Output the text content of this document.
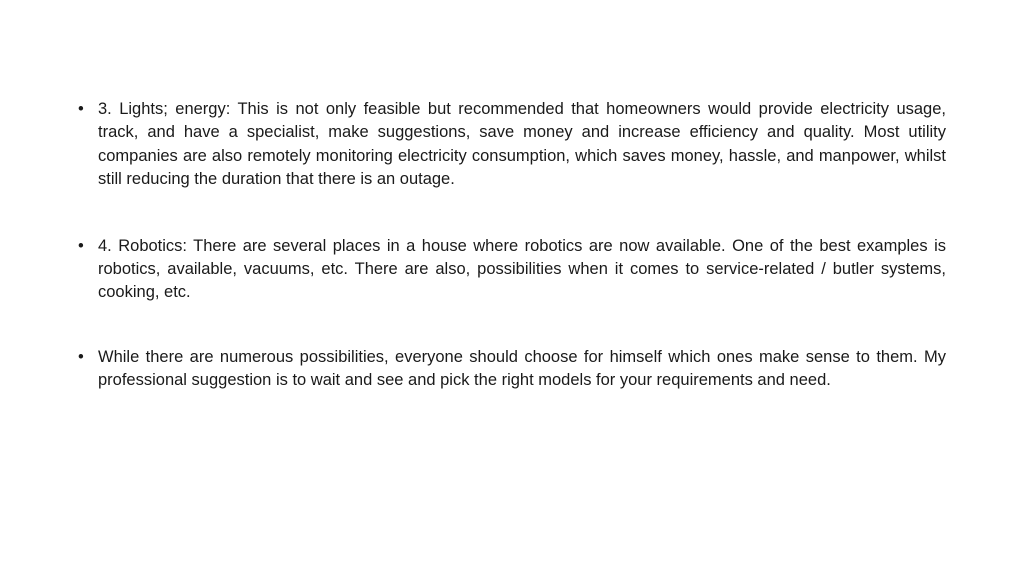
• 3. Lights; energy: This is not only feasible but recommended that homeowners would provide electricity usage, track, and have a specialist, make suggestions, save money and increase efficiency and quality. Most utility companies are also remotely monitoring electricity consumption, which saves money, hassle, and manpower, whilst still reducing the duration that there is an outage.
• 4. Robotics: There are several places in a house where robotics are now available. One of the best examples is robotics, available, vacuums, etc. There are also, possibilities when it comes to service-related / butler systems, cooking, etc.
• While there are numerous possibilities, everyone should choose for himself which ones make sense to them. My professional suggestion is to wait and see and pick the right models for your requirements and need.
